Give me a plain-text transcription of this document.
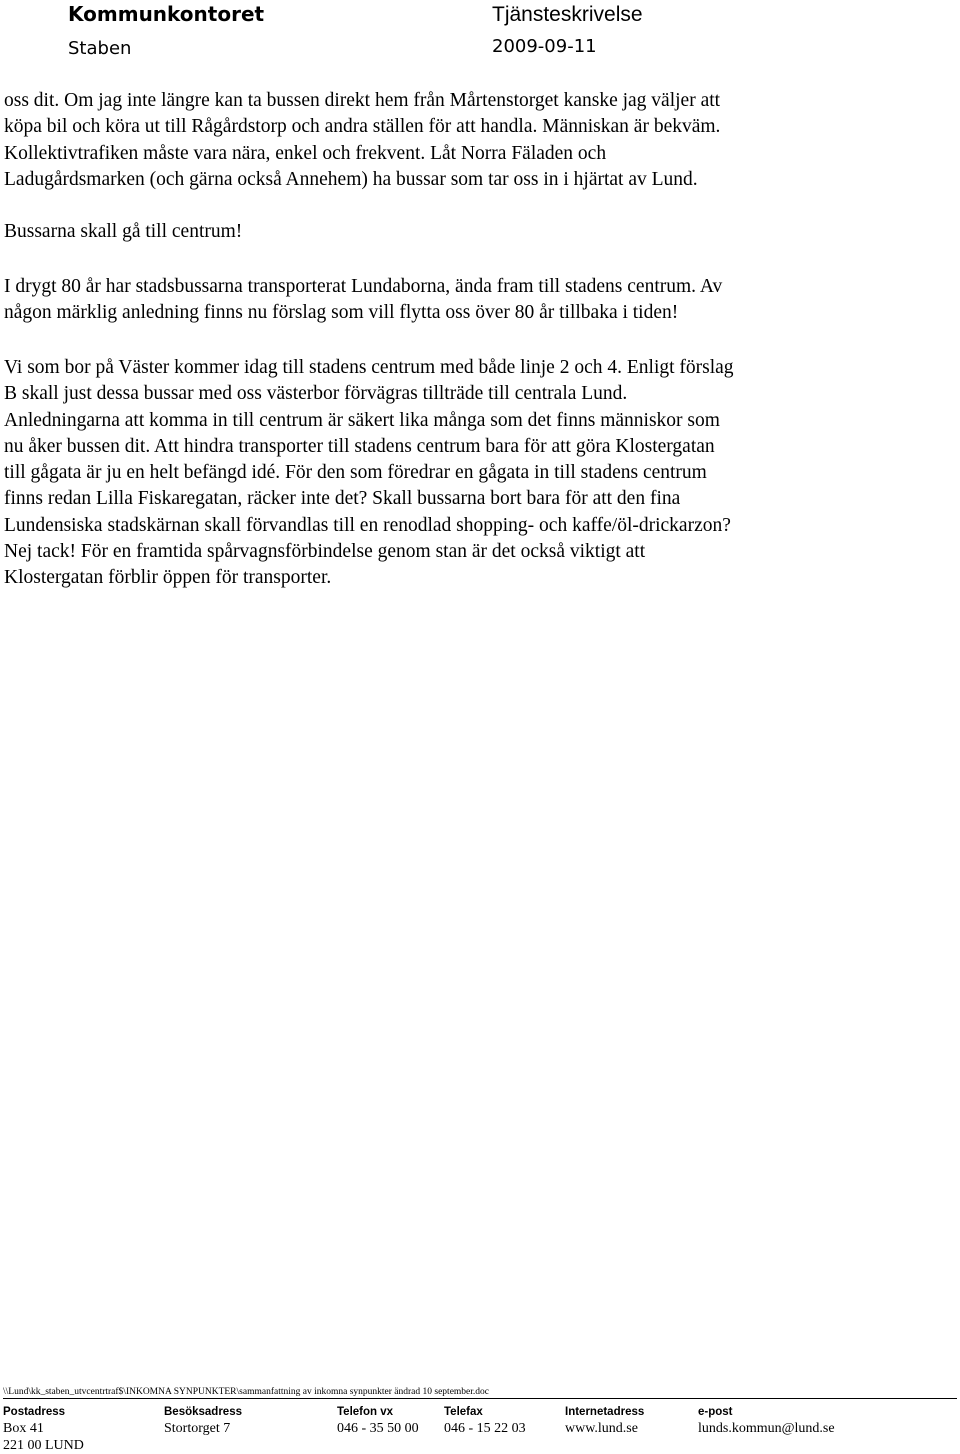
Kommunkontoret
Staben
Tjänsteskrivelse
2009-09-11

oss dit. Om jag inte längre kan ta bussen direkt hem från Mårtenstorget kanske jag väljer att

köpa bil och köra ut till Rågårdstorp och andra ställen för att handla. Människan är bekväm.

Kollektivtrafiken måste vara nära, enkel och frekvent. Låt Norra Fäladen och

Ladugårdsmarken (och gärna också Annehem) ha bussar som tar oss in i hjärtat av Lund.

Bussarna skall gå till centrum!

I drygt 80 år har stadsbussarna transporterat Lundaborna, ända fram till stadens centrum. Av

någon märklig anledning finns nu förslag som vill flytta oss över 80 år tillbaka i tiden!

Vi som bor på Väster kommer idag till stadens centrum med både linje 2 och 4. Enligt förslag

B skall just dessa bussar med oss västerbor förvägras tillträde till centrala Lund.

Anledningarna att komma in till centrum är säkert lika många som det finns människor som

nu åker bussen dit. Att hindra transporter till stadens centrum bara för att göra Klostergatan

till gågata är ju en helt befängd idé. För den som föredrar en gågata in till stadens centrum

finns redan Lilla Fiskaregatan, räcker inte det? Skall bussarna bort bara för att den fina

Lundensiska stadskärnan skall förvandlas till en renodlad shopping- och kaffe/öl-drickarzon?

Nej tack! För en framtida spårvagnsförbindelse genom stan är det också viktigt att

Klostergatan förblir öppen för transporter.

\\Lund\kk_staben_utvcentrtraf$\INKOMNA SYNPUNKTER\sammanfattning av inkomna synpunkter ändrad 10 september.doc
Postadress
Box 41
221 00 LUND
Besöksadress
Stortorget 7
Telefon vx
046 - 35 50 00
Telefax
046 - 15 22 03
Internetadress
www.lund.se
e-post
lunds.kommun@lund.se
